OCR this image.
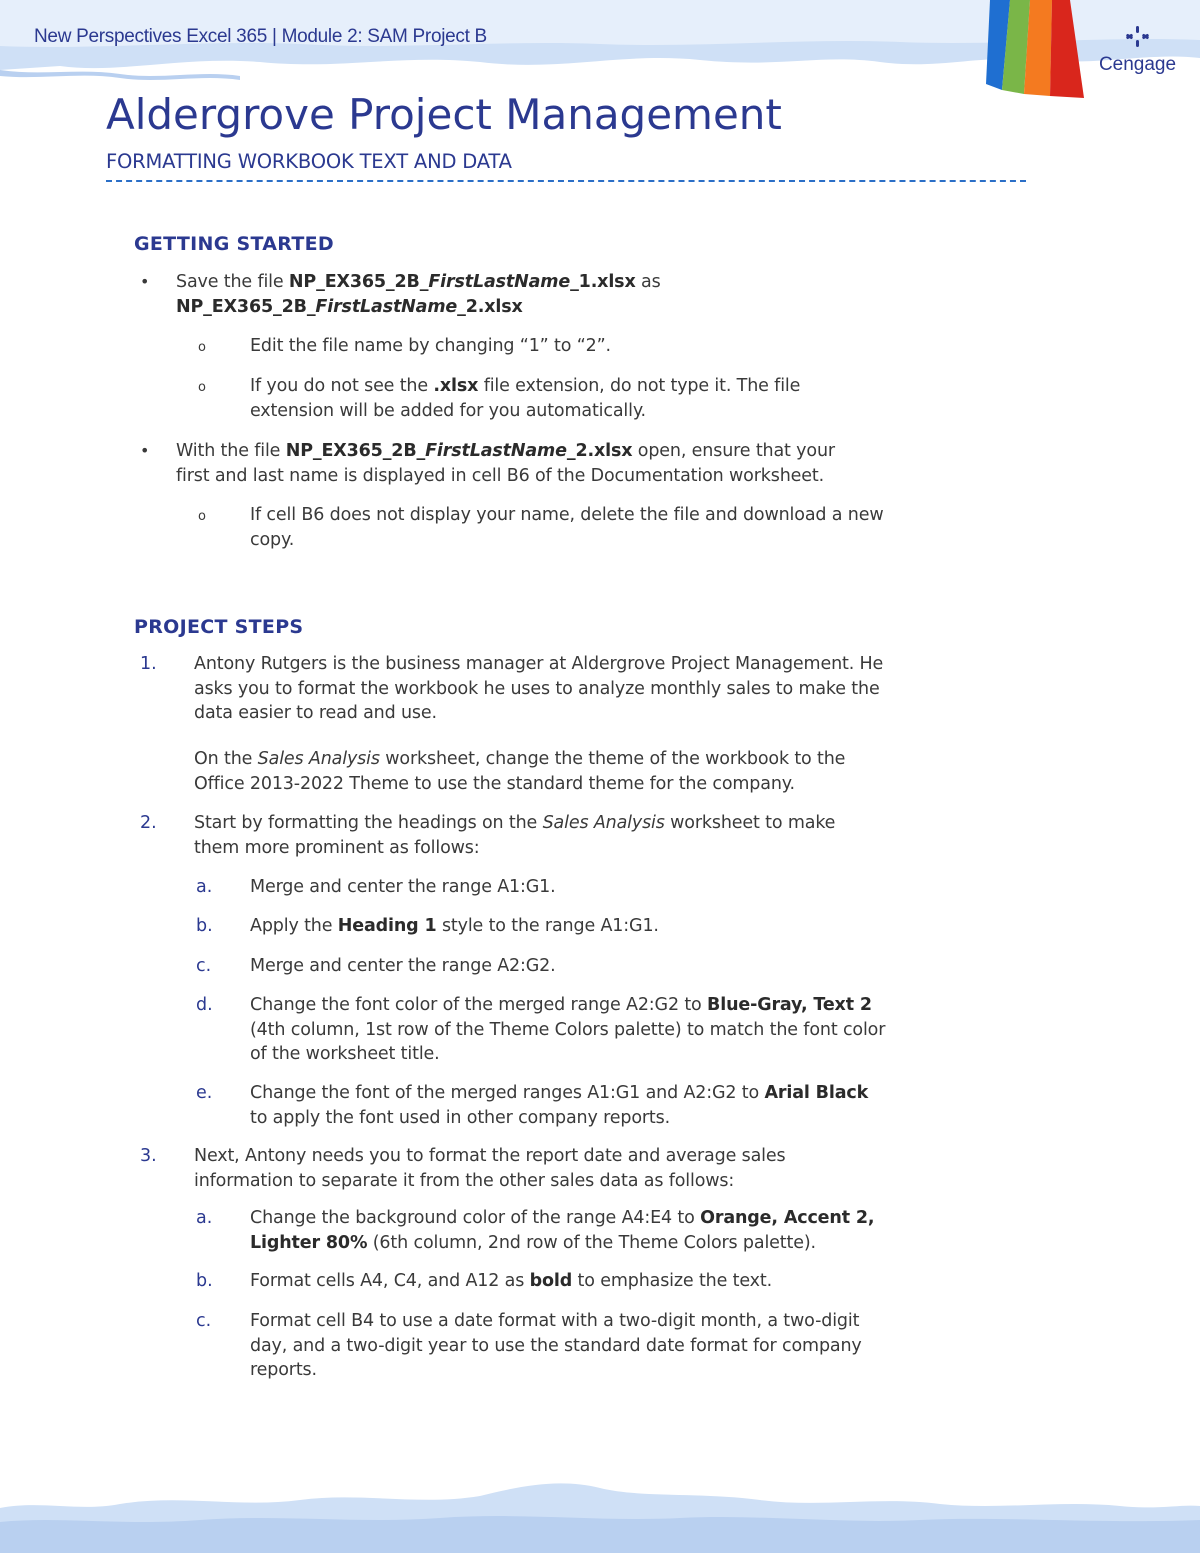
New Perspectives Excel 365 | Module 2: SAM Project B
Cengage
Aldergrove Project Management
FORMATTING WORKBOOK TEXT AND DATA
GETTING STARTED
• Save the file NP_EX365_2B_FirstLastName_1.xlsx as
NP_EX365_2B_FirstLastName_2.xlsx
o	Edit the file name by changing “1” to “2”.
o	If you do not see the .xlsx file extension, do not type it. The file
extension will be added for you automatically.
• With the file NP_EX365_2B_FirstLastName_2.xlsx open, ensure that your
first and last name is displayed in cell B6 of the Documentation worksheet.
o	If cell B6 does not display your name, delete the file and download a new
copy.
PROJECT STEPS
1. Antony Rutgers is the business manager at Aldergrove Project Management. He
asks you to format the workbook he uses to analyze monthly sales to make the
data easier to read and use.
On the Sales Analysis worksheet, change the theme of the workbook to the
Office 2013-2022 Theme to use the standard theme for the company.
2. Start by formatting the headings on the Sales Analysis worksheet to make
them more prominent as follows:
a. Merge and center the range A1:G1.
b. Apply the Heading 1 style to the range A1:G1.
c. Merge and center the range A2:G2.
d. Change the font color of the merged range A2:G2 to Blue-Gray, Text 2
(4th column, 1st row of the Theme Colors palette) to match the font color
of the worksheet title.
e. Change the font of the merged ranges A1:G1 and A2:G2 to Arial Black
to apply the font used in other company reports.
3. Next, Antony needs you to format the report date and average sales
information to separate it from the other sales data as follows:
a. Change the background color of the range A4:E4 to Orange, Accent 2,
Lighter 80% (6th column, 2nd row of the Theme Colors palette).
b. Format cells A4, C4, and A12 as bold to emphasize the text.
c. Format cell B4 to use a date format with a two-digit month, a two-digit
day, and a two-digit year to use the standard date format for company
reports.
